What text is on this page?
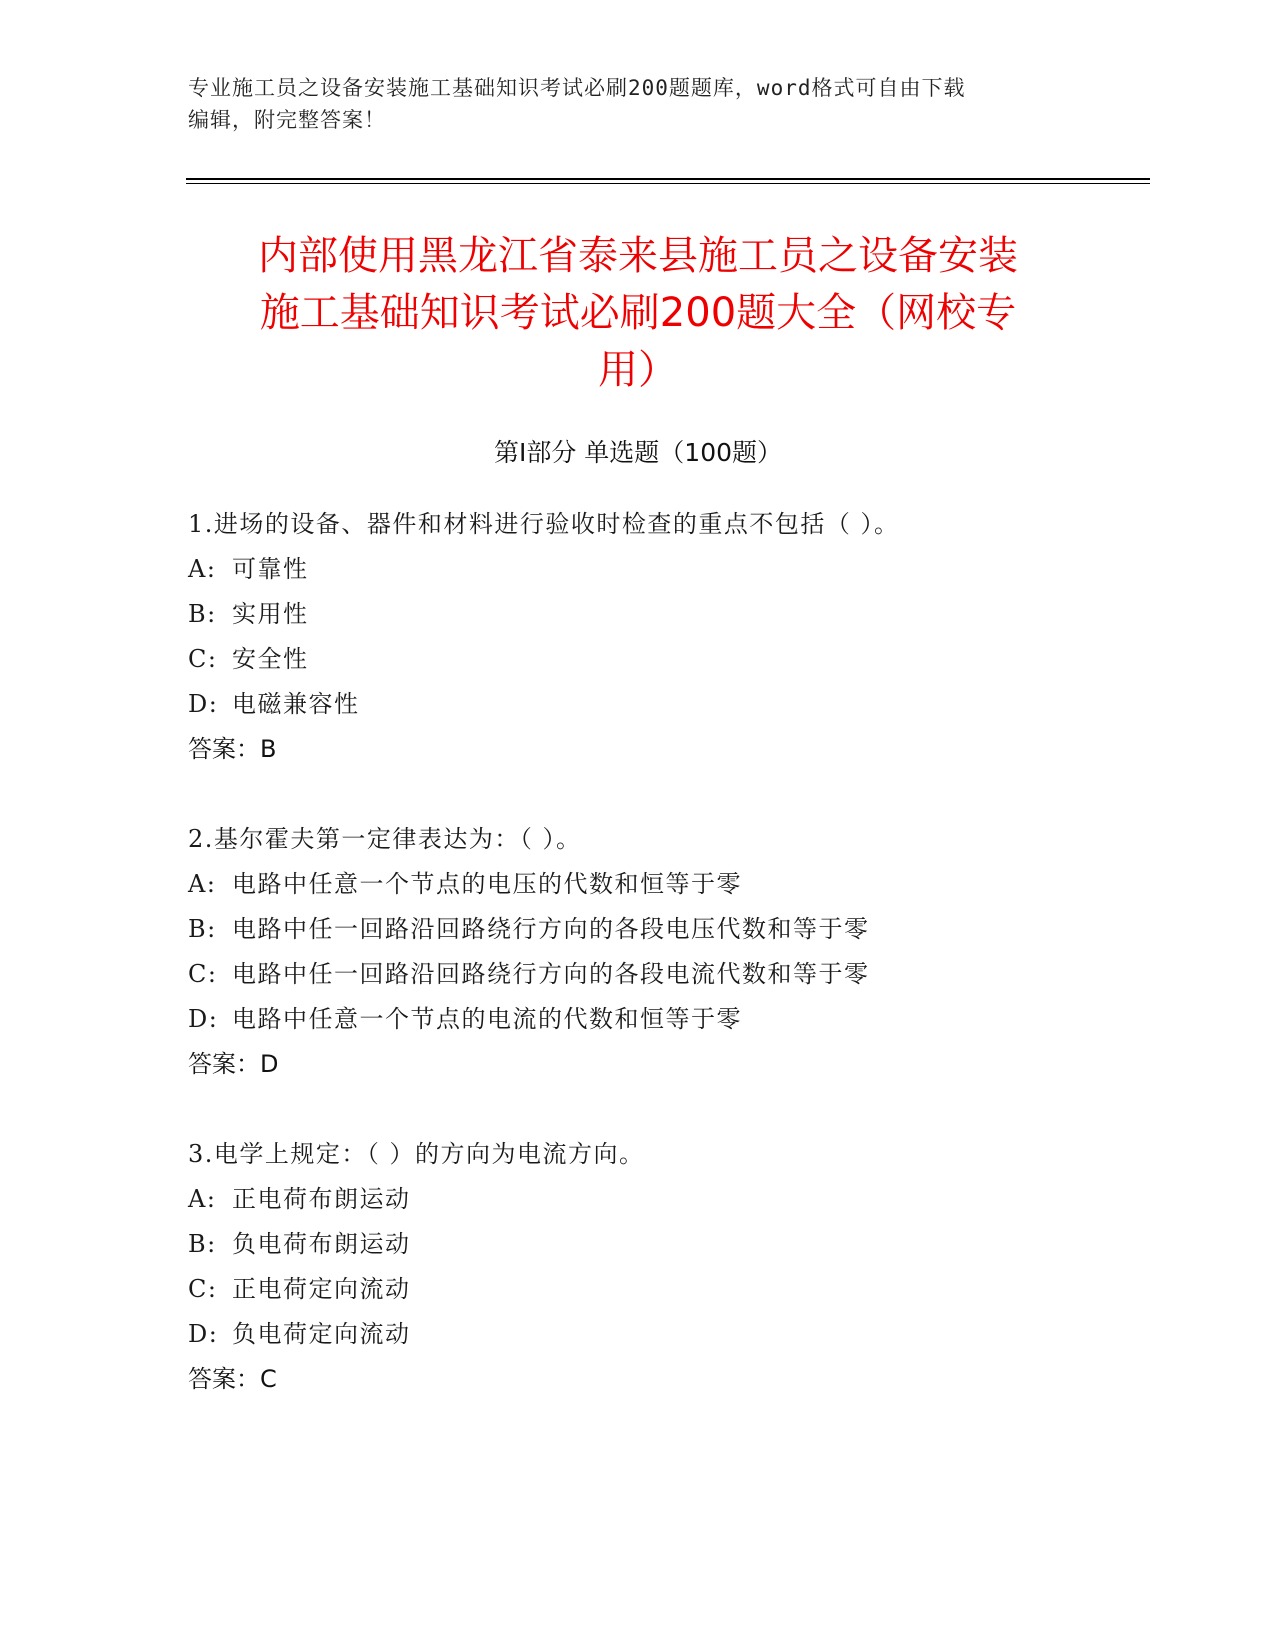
专业施工员之设备安装施工基础知识考试必刷200题题库，word格式可自由下载
编辑，附完整答案！
内部使用黑龙江省泰来县施工员之设备安装
施工基础知识考试必刷200题大全（网校专
用）
第Ⅰ部分 单选题（100题）
1.进场的设备、器件和材料进行验收时检查的重点不包括（ ）。
A: 可靠性
B: 实用性
C: 安全性
D: 电磁兼容性
答案：B
2.基尔霍夫第一定律表达为：（ ）。
A: 电路中任意一个节点的电压的代数和恒等于零
B: 电路中任一回路沿回路绕行方向的各段电压代数和等于零
C: 电路中任一回路沿回路绕行方向的各段电流代数和等于零
D: 电路中任意一个节点的电流的代数和恒等于零
答案：D
3.电学上规定：（ ）的方向为电流方向。
A: 正电荷布朗运动
B: 负电荷布朗运动
C: 正电荷定向流动
D: 负电荷定向流动
答案：C
